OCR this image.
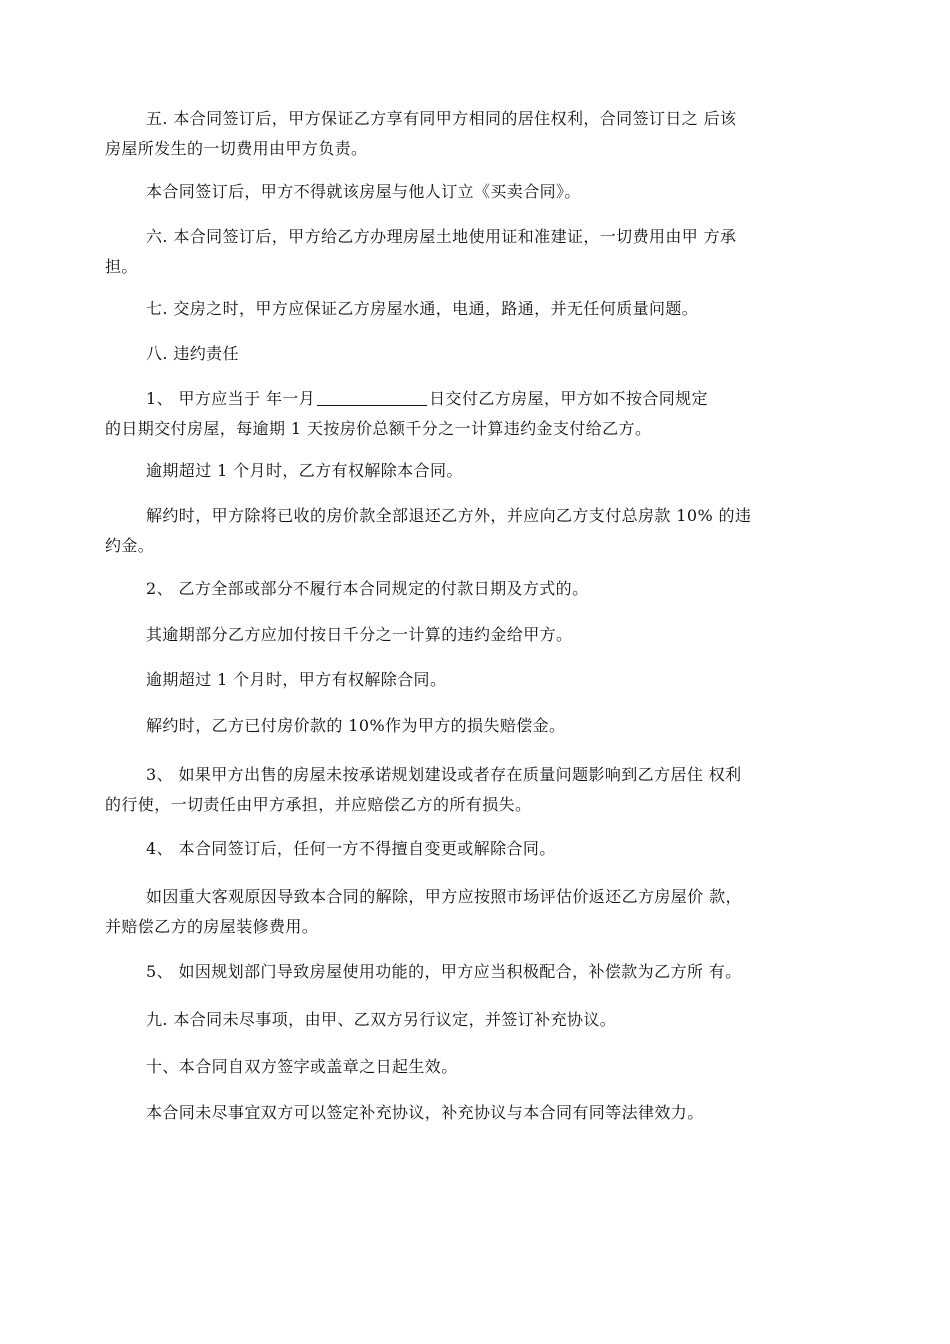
五. 本合同签订后，甲方保证乙方享有同甲方相同的居住权利，合同签订日之 后该
房屋所发生的一切费用由甲方负责。
本合同签订后，甲方不得就该房屋与他人订立《买卖合同》。
六. 本合同签订后，甲方给乙方办理房屋土地使用证和准建证，一切费用由甲 方承
担。
七. 交房之时，甲方应保证乙方房屋水通，电通，路通，并无任何质量问题。
八. 违约责任
1、 甲方应当于 年一月	日交付乙方房屋，甲方如不按合同规定
的日期交付房屋，每逾期 1 天按房价总额千分之一计算违约金支付给乙方。
逾期超过 1 个月时，乙方有权解除本合同。
解约时，甲方除将已收的房价款全部退还乙方外，并应向乙方支付总房款 10% 的违
约金。
2、 乙方全部或部分不履行本合同规定的付款日期及方式的。
其逾期部分乙方应加付按日千分之一计算的违约金给甲方。
逾期超过 1 个月时，甲方有权解除合同。
解约时，乙方已付房价款的 10%作为甲方的损失赔偿金。
3、 如果甲方出售的房屋未按承诺规划建设或者存在质量问题影响到乙方居住 权利
的行使，一切责任由甲方承担，并应赔偿乙方的所有损失。
4、 本合同签订后，任何一方不得擅自变更或解除合同。
如因重大客观原因导致本合同的解除，甲方应按照市场评估价返还乙方房屋价 款，
并赔偿乙方的房屋装修费用。
5、 如因规划部门导致房屋使用功能的，甲方应当积极配合，补偿款为乙方所 有。
九. 本合同未尽事项，由甲、乙双方另行议定，并签订补充协议。
十、本合同自双方签字或盖章之日起生效。
本合同未尽事宜双方可以签定补充协议，补充协议与本合同有同等法律效力。
